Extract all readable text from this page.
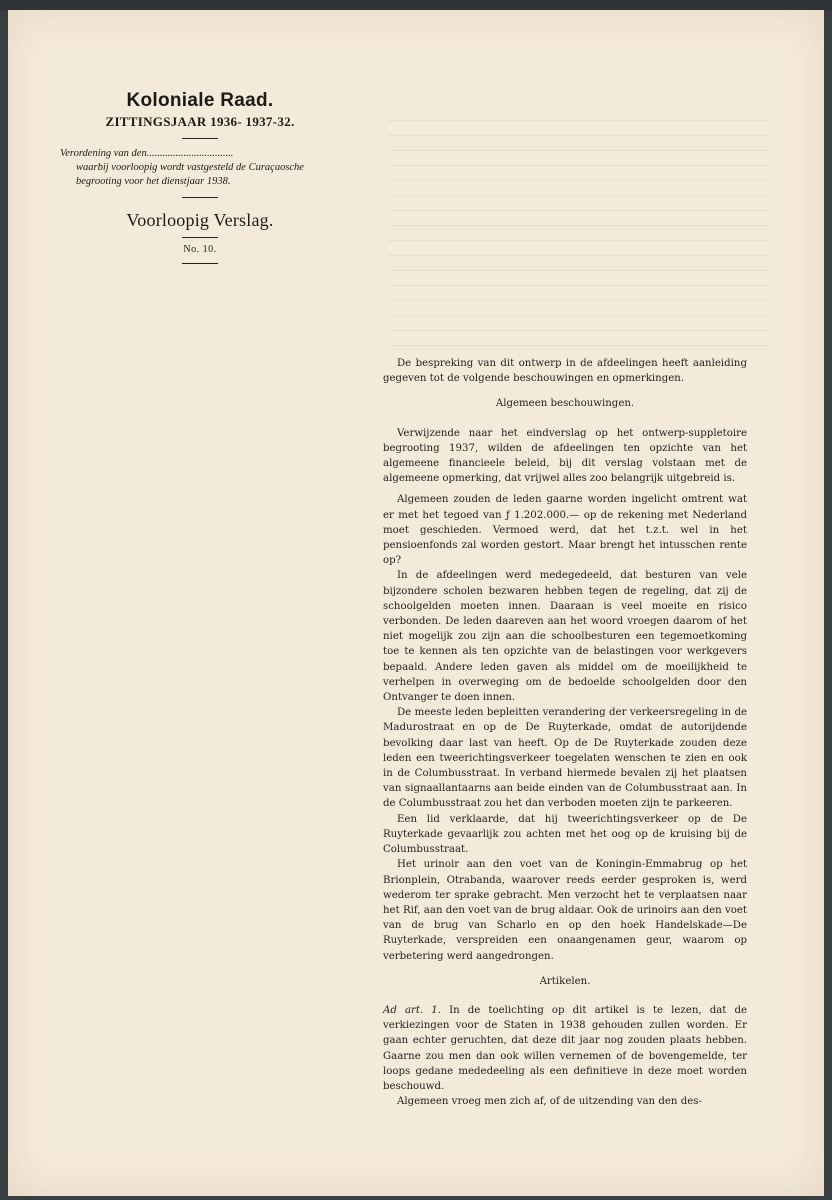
Koloniale Raad.

ZITTINGSJAAR 1936- 1937-32.

Verordening van den.................................
waarbij voorloopig wordt vastgesteld de Curaçaosche begrooting voor het dienstjaar 1938.

Voorloopig Verslag.

No. 10.

De bespreking van dit ontwerp in de afdeelingen heeft aanleiding gegeven tot de volgende beschouwingen en opmerkingen.

Algemeen beschouwingen.

Verwijzende naar het eindverslag op het ontwerp-suppletoire begrooting 1937, wilden de afdeelingen ten opzichte van het algemeene financieele beleid, bij dit verslag volstaan met de algemeene opmerking, dat vrijwel alles zoo belangrijk uitgebreid is.

Algemeen zouden de leden gaarne worden ingelicht omtrent wat er met het tegoed van ƒ 1.202.000.— op de rekening met Nederland moet geschieden. Vermoed werd, dat het t.z.t. wel in het pensioenfonds zal worden gestort. Maar brengt het intusschen rente op?

In de afdeelingen werd medegedeeld, dat besturen van vele bijzondere scholen bezwaren hebben tegen de regeling, dat zij de schoolgelden moeten innen. Daaraan is veel moeite en risico verbonden. De leden daareven aan het woord vroegen daarom of het niet mogelijk zou zijn aan die schoolbesturen een tegemoetkoming toe te kennen als ten opzichte van de belastingen voor werkgevers bepaald. Andere leden gaven als middel om de moeilijkheid te verhelpen in overweging om de bedoelde schoolgelden door den Ontvanger te doen innen.

De meeste leden bepleitten verandering der verkeersregeling in de Madurostraat en op de De Ruyterkade, omdat de autorijdende bevolking daar last van heeft. Op de De Ruyterkade zouden deze leden een tweerichtingsverkeer toegelaten wenschen te zien en ook in de Columbusstraat. In verband hiermede bevalen zij het plaatsen van signaallantaarns aan beide einden van de Columbusstraat aan. In de Columbusstraat zou het dan verboden moeten zijn te parkeeren.

Een lid verklaarde, dat hij tweerichtingsverkeer op de De Ruyterkade gevaarlijk zou achten met het oog op de kruising bij de Columbusstraat.

Het urinoir aan den voet van de Koningin-Emmabrug op het Brionplein, Otrabanda, waarover reeds eerder gesproken is, werd wederom ter sprake gebracht. Men verzocht het te verplaatsen naar het Rif, aan den voet van de brug aldaar. Ook de urinoirs aan den voet van de brug van Scharlo en op den hoek Handelskade—De Ruyterkade, verspreiden een onaangenamen geur, waarom op verbetering werd aangedrongen.

Artikelen.

Ad art. 1. In de toelichting op dit artikel is te lezen, dat de verkiezingen voor de Staten in 1938 gehouden zullen worden. Er gaan echter geruchten, dat deze dit jaar nog zouden plaats hebben. Gaarne zou men dan ook willen vernemen of de bovengemelde, ter loops gedane mededeeling als een definitieve in deze moet worden beschouwd.

Algemeen vroeg men zich af, of de uitzending van den des-
